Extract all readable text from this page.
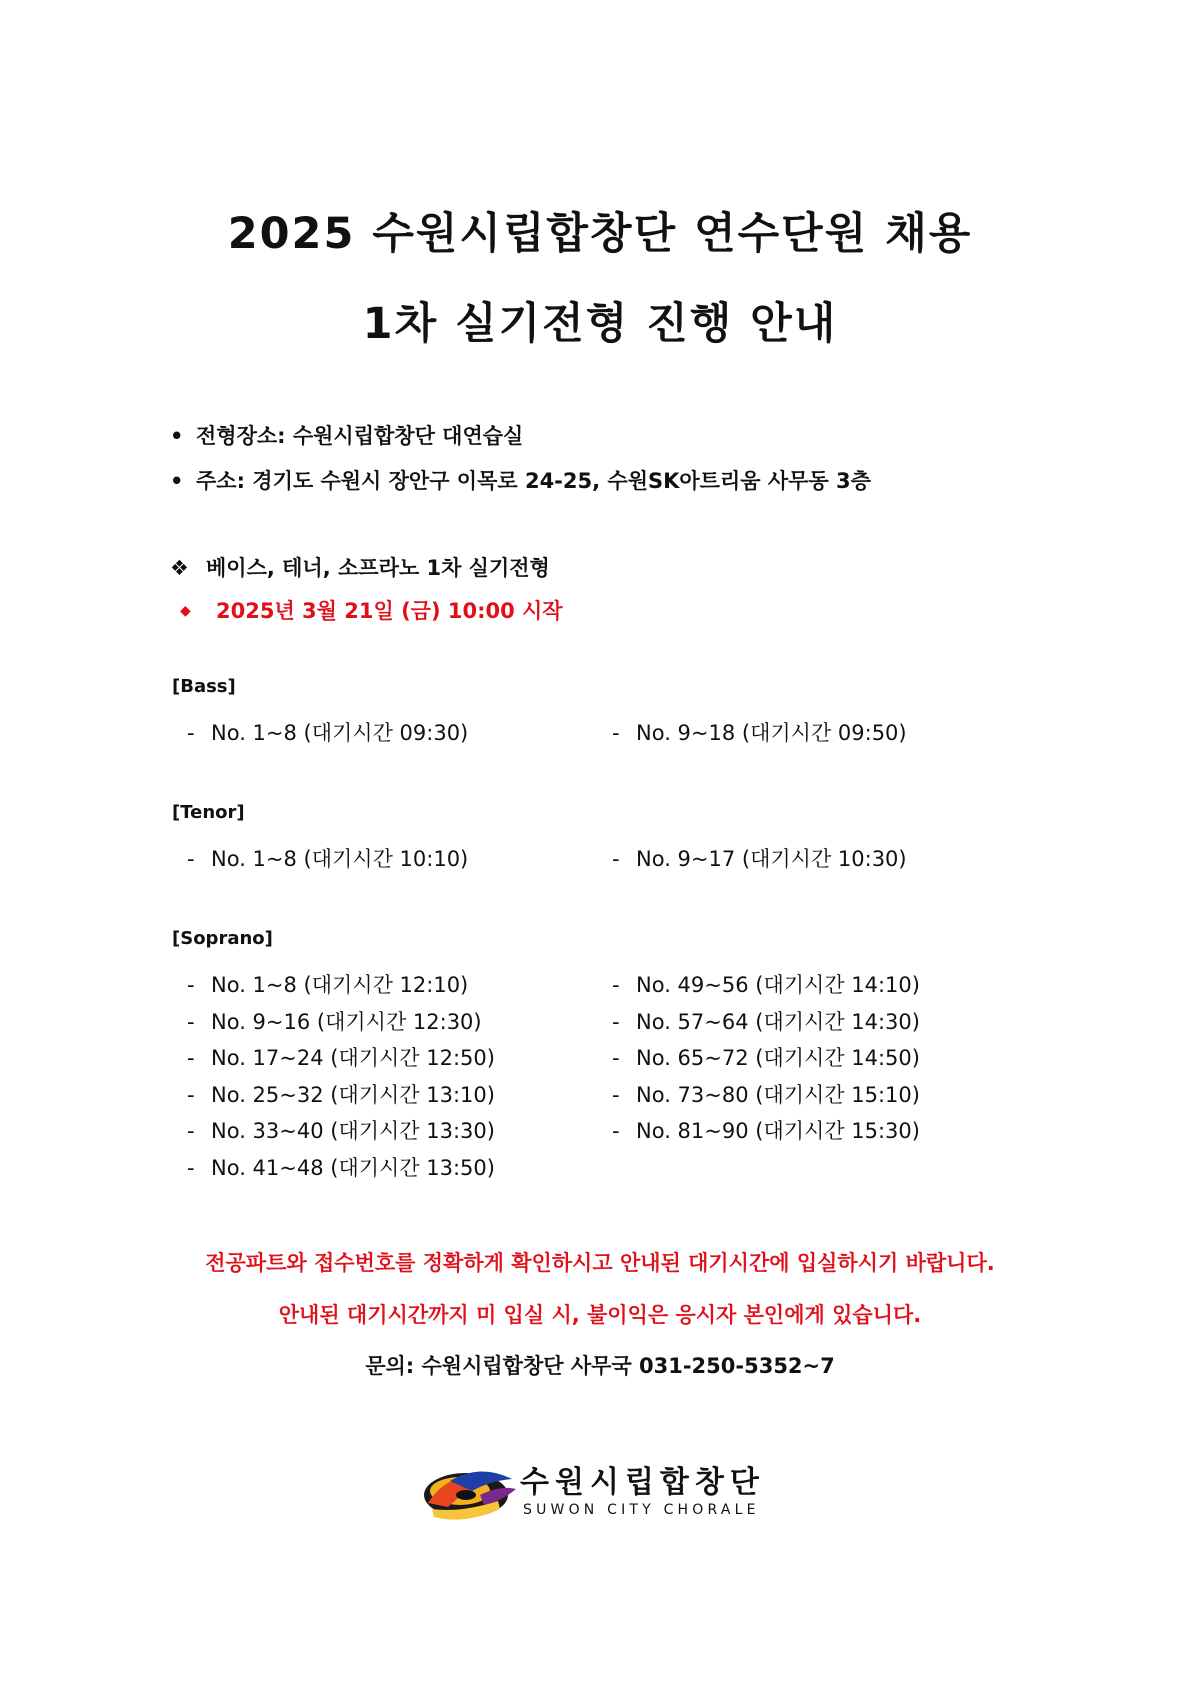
2025 수원시립합창단 연수단원 채용
1차 실기전형 진행 안내
• 전형장소: 수원시립합창단 대연습실
• 주소: 경기도 수원시 장안구 이목로 24-25, 수원SK아트리움 사무동 3층
❖ 베이스, 테너, 소프라노 1차 실기전형
◆ 2025년 3월 21일 (금) 10:00 시작
[Bass]
- No. 1~8 (대기시간 09:30)	- No. 9~18 (대기시간 09:50)
[Tenor]
- No. 1~8 (대기시간 10:10)	- No. 9~17 (대기시간 10:30)
[Soprano]
- No. 1~8 (대기시간 12:10)
- No. 9~16 (대기시간 12:30)
- No. 17~24 (대기시간 12:50)
- No. 25~32 (대기시간 13:10)
- No. 33~40 (대기시간 13:30)
- No. 41~48 (대기시간 13:50)
- No. 49~56 (대기시간 14:10)
- No. 57~64 (대기시간 14:30)
- No. 65~72 (대기시간 14:50)
- No. 73~80 (대기시간 15:10)
- No. 81~90 (대기시간 15:30)
전공파트와 접수번호를 정확하게 확인하시고 안내된 대기시간에 입실하시기 바랍니다.
안내된 대기시간까지 미 입실 시, 불이익은 응시자 본인에게 있습니다.
문의: 수원시립합창단 사무국 031-250-5352~7
수원시립합창단
SUWON CITY CHORALE
